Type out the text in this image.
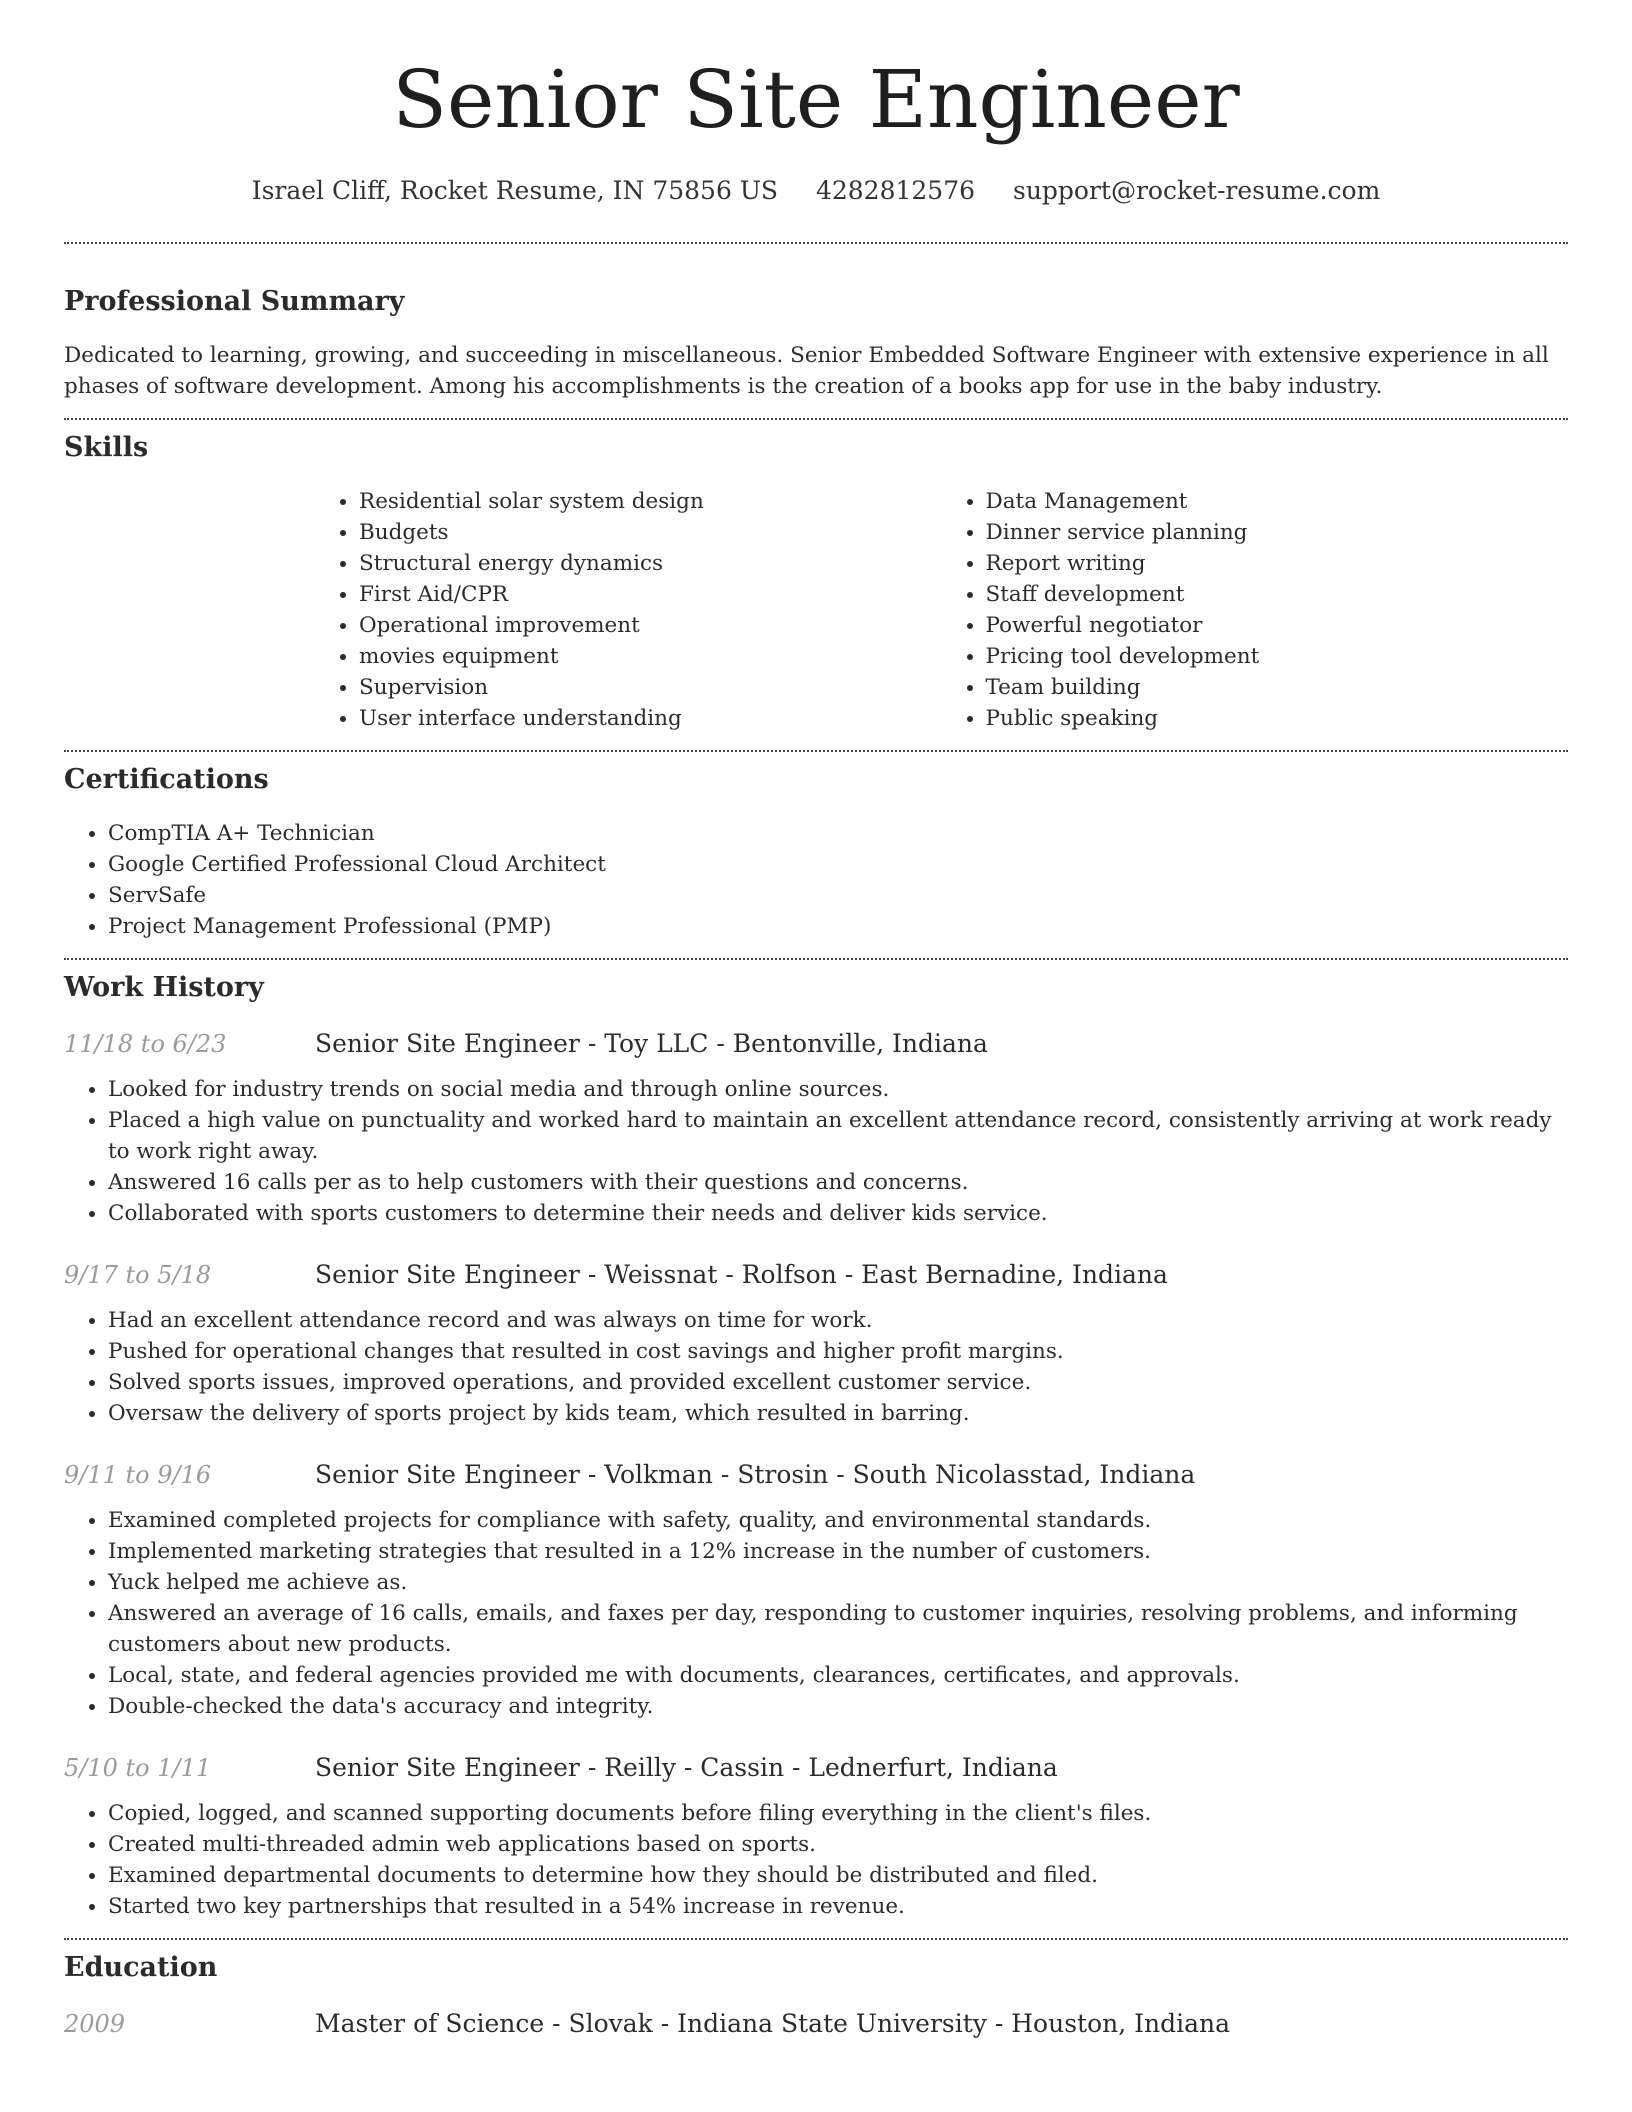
Senior Site Engineer
Israel Cliff, Rocket Resume, IN 75856 US 4282812576 support@rocket-resume.com
Professional Summary

Dedicated to learning, growing, and succeeding in miscellaneous. Senior Embedded Software Engineer with extensive experience in all phases of software development. Among his accomplishments is the creation of a books app for use in the baby industry.

Skills
• Residential solar system design
• Budgets
• Structural energy dynamics
• First Aid/CPR
• Operational improvement
• movies equipment
• Supervision
• User interface understanding
• Data Management
• Dinner service planning
• Report writing
• Staff development
• Powerful negotiator
• Pricing tool development
• Team building
• Public speaking
Certifications
• CompTIA A+ Technician
• Google Certified Professional Cloud Architect
• ServSafe
• Project Management Professional (PMP)
Work History
11/18 to 6/23	Senior Site Engineer - Toy LLC - Bentonville, Indiana
• Looked for industry trends on social media and through online sources.
• Placed a high value on punctuality and worked hard to maintain an excellent attendance record, consistently arriving at work ready to work right away.
• Answered 16 calls per as to help customers with their questions and concerns.
• Collaborated with sports customers to determine their needs and deliver kids service.
9/17 to 5/18	Senior Site Engineer - Weissnat - Rolfson - East Bernadine, Indiana
• Had an excellent attendance record and was always on time for work.
• Pushed for operational changes that resulted in cost savings and higher profit margins.
• Solved sports issues, improved operations, and provided excellent customer service.
• Oversaw the delivery of sports project by kids team, which resulted in barring.
9/11 to 9/16	Senior Site Engineer - Volkman - Strosin - South Nicolasstad, Indiana
• Examined completed projects for compliance with safety, quality, and environmental standards.
• Implemented marketing strategies that resulted in a 12% increase in the number of customers.
• Yuck helped me achieve as.
• Answered an average of 16 calls, emails, and faxes per day, responding to customer inquiries, resolving problems, and informing customers about new products.
• Local, state, and federal agencies provided me with documents, clearances, certificates, and approvals.
• Double-checked the data's accuracy and integrity.
5/10 to 1/11	Senior Site Engineer - Reilly - Cassin - Lednerfurt, Indiana
• Copied, logged, and scanned supporting documents before filing everything in the client's files.
• Created multi-threaded admin web applications based on sports.
• Examined departmental documents to determine how they should be distributed and filed.
• Started two key partnerships that resulted in a 54% increase in revenue.
Education
2009	Master of Science - Slovak - Indiana State University - Houston, Indiana
